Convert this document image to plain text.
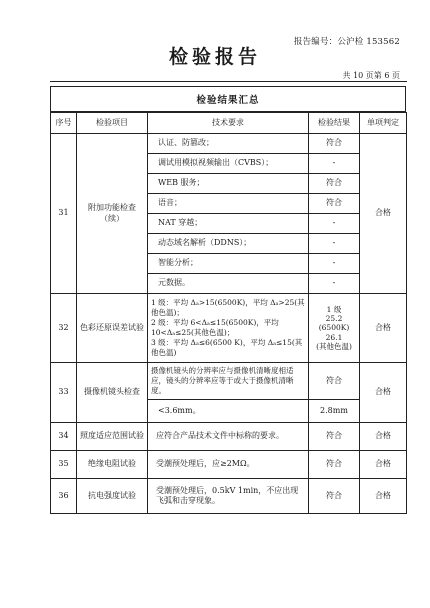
报告编号：公沪检 153562
检验报告
共 10 页第 6 页
检验结果汇总
序号	检验项目	技术要求	检验结果	单项判定
31	附加功能检查（续）	认证、防篡改；	符合	合格
		调试用模拟视频输出（CVBS）；	-	
		WEB 服务；	符合	
		语音；	符合	
		NAT 穿越；	-	
		动态域名解析（DDNS）；	-	
		智能分析；	-	
		元数据。	-	
32	色彩还原误差试验	1 级：平均 Δₐ>15(6500K)，平均 Δₐ>25(其他色温)；
2 级：平均 6<Δₐ≤15(6500K)，平均 10<Δₐ≤25(其他色温)；
3 级：平均 Δₐ≤6(6500 K)，平均 Δₐ≤15(其他色温)	1 级
25.2
(6500K)
26.1
(其他色温)	合格
33	摄像机镜头检查	摄像机镜头的分辨率应与摄像机清晰度相适应，镜头的分辨率应等于或大于摄像机清晰度。	符合	合格
		<3.6mm。	2.8mm	
34	照度适应范围试验	应符合产品技术文件中标称的要求。	符合	合格
35	绝缘电阻试验	受潮预处理后，应≥2MΩ。	符合	合格
36	抗电强度试验	受潮预处理后，0.5kV 1min，不应出现飞弧和击穿现象。	符合	合格
